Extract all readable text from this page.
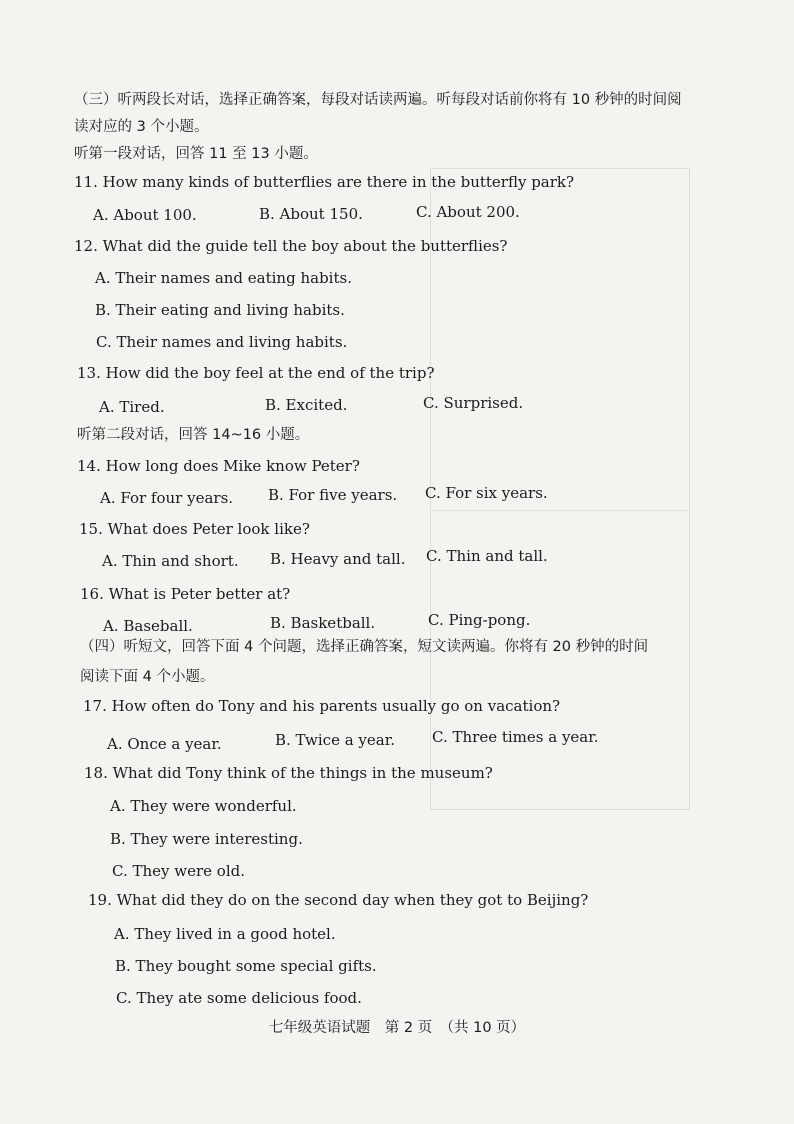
（三）听两段长对话，选择正确答案，每段对话读两遍。听每段对话前你将有 10 秒钟的时间阅
读对应的 3 个小题。
听第一段对话，回答 11 至 13 小题。
11. How many kinds of butterflies are there in the butterfly park?
A. About 100.	B. About 150.	C. About 200.
12. What did the guide tell the boy about the butterflies?
A. Their names and eating habits.
B. Their eating and living habits.
C. Their names and living habits.
13. How did the boy feel at the end of the trip?
A. Tired.	B. Excited.	C. Surprised.
听第二段对话，回答 14~16 小题。
14. How long does Mike know Peter?
A. For four years. B. For five years. C. For six years.
15. What does Peter look like?
A. Thin and short. B. Heavy and tall. C. Thin and tall.
16. What is Peter better at?
A. Baseball.	B. Basketball.	C. Ping-pong.
（四）听短文，回答下面 4 个问题，选择正确答案，短文读两遍。你将有 20 秒钟的时间
阅读下面 4 个小题。
17. How often do Tony and his parents usually go on vacation?
A. Once a year.	B. Twice a year. C. Three times a year.
18. What did Tony think of the things in the museum?
A. They were wonderful.
B. They were interesting.
C. They were old.
19. What did they do on the second day when they got to Beijing?
A. They lived in a good hotel.
B. They bought some special gifts.
C. They ate some delicious food.
七年级英语试题　第 2 页　（共 10 页）
